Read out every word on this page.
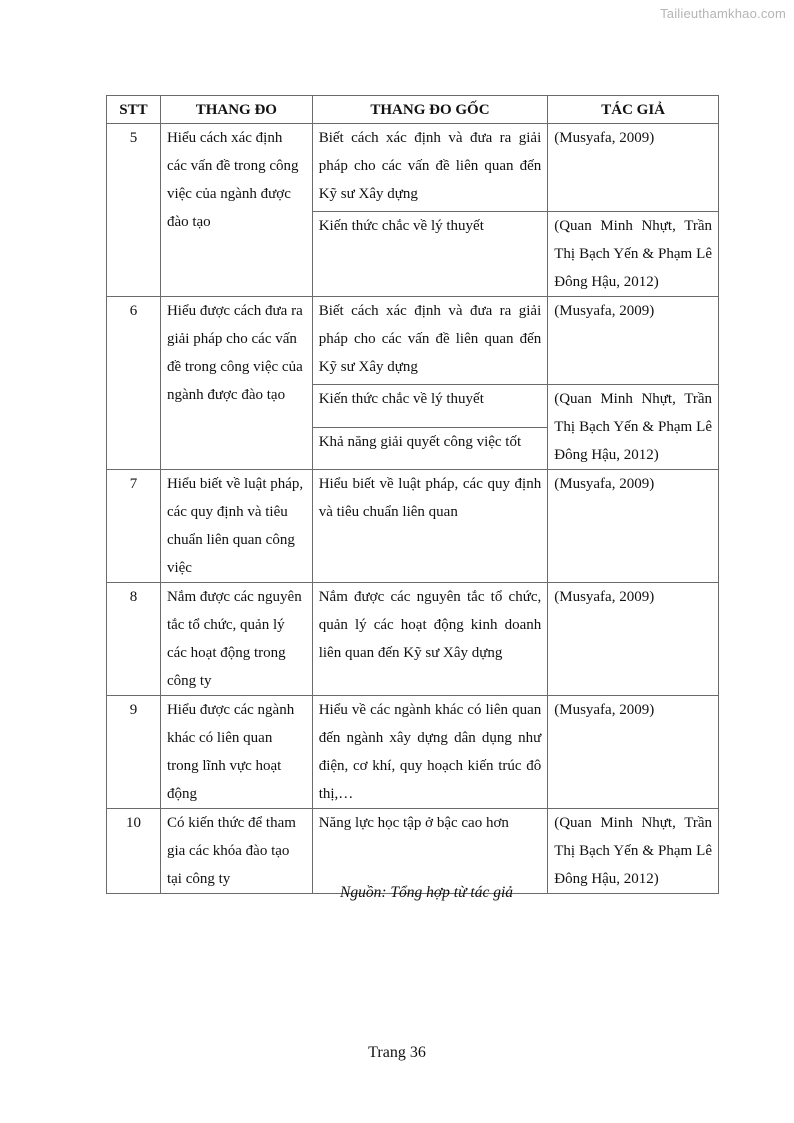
Tailieuthamkhao.com
STT	THANG ĐO	THANG ĐO GỐC	TÁC GIẢ
5	Hiểu cách xác định các vấn đề trong công việc của ngành được đào tạo	Biết cách xác định và đưa ra giải pháp cho các vấn đề liên quan đến Kỹ sư Xây dựng	(Musyafa, 2009)
		Kiến thức chắc về lý thuyết	(Quan Minh Nhựt, Trần Thị Bạch Yến & Phạm Lê Đông Hậu, 2012)
6	Hiểu được cách đưa ra giải pháp cho các vấn đề trong công việc của ngành được đào tạo	Biết cách xác định và đưa ra giải pháp cho các vấn đề liên quan đến Kỹ sư Xây dựng	(Musyafa, 2009)
		Kiến thức chắc về lý thuyết	(Quan Minh Nhựt, Trần Thị Bạch Yến & Phạm Lê Đông Hậu, 2012)
		Khả năng giải quyết công việc tốt	
7	Hiểu biết về luật pháp, các quy định và tiêu chuẩn liên quan công việc	Hiểu biết về luật pháp, các quy định và tiêu chuẩn liên quan	(Musyafa, 2009)
8	Nắm được các nguyên tắc tổ chức, quản lý các hoạt động trong công ty	Nắm được các nguyên tắc tổ chức, quản lý các hoạt động kinh doanh liên quan đến Kỹ sư Xây dựng	(Musyafa, 2009)
9	Hiểu được các ngành khác có liên quan trong lĩnh vực hoạt động	Hiểu về các ngành khác có liên quan đến ngành xây dựng dân dụng như điện, cơ khí, quy hoạch kiến trúc đô thị,…	(Musyafa, 2009)
10	Có kiến thức để tham gia các khóa đào tạo tại công ty	Năng lực học tập ở bậc cao hơn	(Quan Minh Nhựt, Trần Thị Bạch Yến & Phạm Lê Đông Hậu, 2012)
Nguồn: Tổng hợp từ tác giả
Trang 36
